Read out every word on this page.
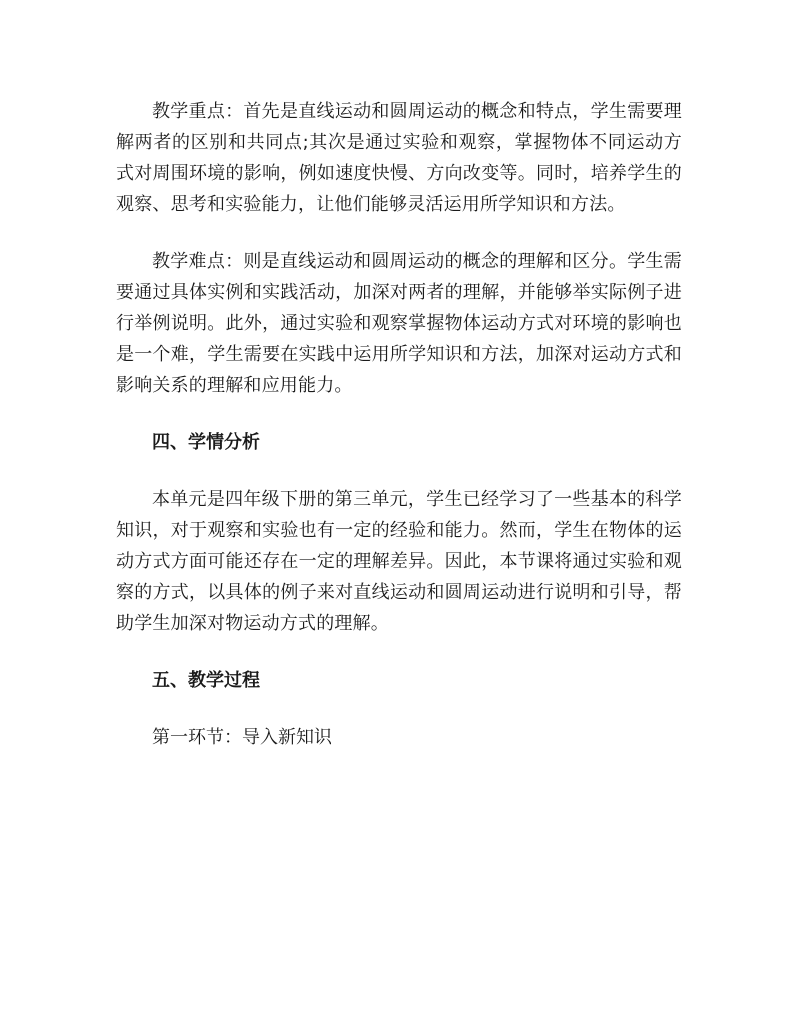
教学重点：首先是直线运动和圆周运动的概念和特点，学生需要理解两者的区别和共同点;其次是通过实验和观察，掌握物体不同运动方式对周围环境的影响，例如速度快慢、方向改变等。同时，培养学生的观察、思考和实验能力，让他们能够灵活运用所学知识和方法。

教学难点：则是直线运动和圆周运动的概念的理解和区分。学生需要通过具体实例和实践活动，加深对两者的理解，并能够举实际例子进行举例说明。此外，通过实验和观察掌握物体运动方式对环境的影响也是一个难，学生需要在实践中运用所学知识和方法，加深对运动方式和影响关系的理解和应用能力。

四、学情分析

本单元是四年级下册的第三单元，学生已经学习了一些基本的科学知识，对于观察和实验也有一定的经验和能力。然而，学生在物体的运动方式方面可能还存在一定的理解差异。因此，本节课将通过实验和观察的方式，以具体的例子来对直线运动和圆周运动进行说明和引导，帮助学生加深对物运动方式的理解。

五、教学过程

第一环节：导入新知识
